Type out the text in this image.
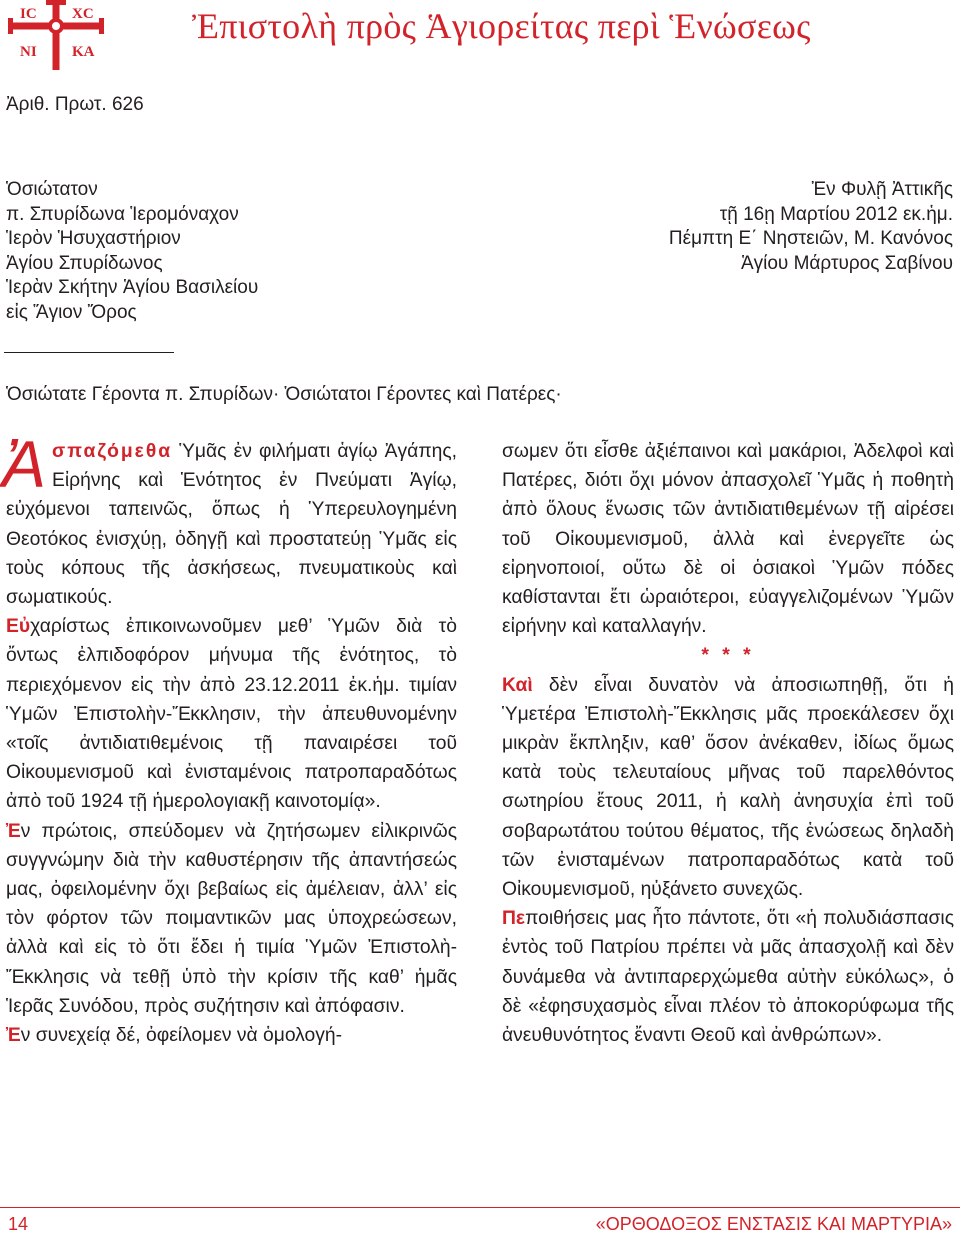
IC XC
NI KA
Ἐπιστολὴ πρὸς Ἁγιορείτας περὶ Ἑνώσεως
Ἀριθ. Πρωτ. 626
Ὁσιώτατον
π. Σπυρίδωνα Ἱερομόναχον
Ἱερὸν Ἡσυχαστήριον
Ἁγίου Σπυρίδωνος
Ἱερὰν Σκήτην Ἁγίου Βασιλείου
εἰς Ἅγιον Ὄρος
Ἐν Φυλῇ Ἀττικῆς
τῇ 16ῃ Μαρτίου 2012 εκ.ἡμ.
Πέμπτη Ε΄ Νηστειῶν, Μ. Κανόνος
Ἁγίου Μάρτυρος Σαβίνου
Ὁσιώτατε Γέροντα π. Σπυρίδων· Ὁσιώτατοι Γέροντες καὶ Πατέρες·

Ἀσπαζόμεθα Ὑμᾶς ἐν φιλήματι ἁγίῳ Ἀγάπης, Εἰρήνης καὶ Ἑνότητος ἐν Πνεύματι Ἁγίῳ, εὐχόμενοι ταπεινῶς, ὅπως ἡ Ὑπερευλογημένη Θεοτόκος ἐνισχύῃ, ὁδηγῇ καὶ προστατεύῃ Ὑμᾶς εἰς τοὺς κόπους τῆς ἀσκήσεως, πνευματικοὺς καὶ σωματικούς.

Εὐχαρίστως ἐπικοινωνοῦμεν μεθ’ Ὑμῶν διὰ τὸ ὄντως ἐλπιδοφόρον μήνυμα τῆς ἑνότητος, τὸ περιεχόμενον εἰς τὴν ἀπὸ 23.12.2011 ἐκ.ἡμ. τιμίαν Ὑμῶν Ἐπιστολὴν-Ἔκκλησιν, τὴν ἀπευθυνομένην «τοῖς ἀντιδιατιθεμένοις τῇ παναιρέσει τοῦ Οἰκουμενισμοῦ καὶ ἐνισταμένοις πατροπαραδότως ἀπὸ τοῦ 1924 τῇ ἡμερολογιακῇ καινοτομίᾳ».

Ἐν πρώτοις, σπεύδομεν νὰ ζητήσωμεν εἰλικρινῶς συγγνώμην διὰ τὴν καθυστέρησιν τῆς ἀπαντήσεώς μας, ὀφειλομένην ὄχι βεβαίως εἰς ἀμέλειαν, ἀλλ’ εἰς τὸν φόρτον τῶν ποιμαντικῶν μας ὑποχρεώσεων, ἀλλὰ καὶ εἰς τὸ ὅτι ἔδει ἡ τιμία Ὑμῶν Ἐπιστολὴ-Ἔκκλησις νὰ τεθῇ ὑπὸ τὴν κρίσιν τῆς καθ’ ἡμᾶς Ἱερᾶς Συνόδου, πρὸς συζήτησιν καὶ ἀπόφασιν.

Ἐν συνεχείᾳ δέ, ὀφείλομεν νὰ ὁμολογή-

σωμεν ὅτι εἶσθε ἀξιέπαινοι καὶ μακάριοι, Ἀδελφοὶ καὶ Πατέρες, διότι ὄχι μόνον ἀπασχολεῖ Ὑμᾶς ἡ ποθητὴ ἀπὸ ὅλους ἕνωσις τῶν ἀντιδιατιθεμένων τῇ αἱρέσει τοῦ Οἰκουμενισμοῦ, ἀλλὰ καὶ ἐνεργεῖτε ὡς εἰρηνοποιοί, οὕτω δὲ οἱ ὁσιακοὶ Ὑμῶν πόδες καθίστανται ἔτι ὡραιότεροι, εὐαγγελιζομένων Ὑμῶν εἰρήνην καὶ καταλλαγήν.

* * *

Καὶ δὲν εἶναι δυνατὸν νὰ ἀποσιωπηθῇ, ὅτι ἡ Ὑμετέρα Ἐπιστολὴ-Ἔκκλησις μᾶς προεκάλεσεν ὄχι μικρὰν ἔκπληξιν, καθ’ ὅσον ἀνέκαθεν, ἰδίως ὅμως κατὰ τοὺς τελευταίους μῆνας τοῦ παρελθόντος σωτηρίου ἔτους 2011, ἡ καλὴ ἀνησυχία ἐπὶ τοῦ σοβαρωτάτου τούτου θέματος, τῆς ἑνώσεως δηλαδὴ τῶν ἐνισταμένων πατροπαραδότως κατὰ τοῦ Οἰκουμενισμοῦ, ηὐξάνετο συνεχῶς.

Πεποιθήσεις μας ἦτο πάντοτε, ὅτι «ἡ πολυδιάσπασις ἐντὸς τοῦ Πατρίου πρέπει νὰ μᾶς ἀπασχολῇ καὶ δὲν δυνάμεθα νὰ ἀντιπαρερχώμεθα αὐτὴν εὐκόλως», ὁ δὲ «ἐφησυχασμὸς εἶναι πλέον τὸ ἀποκορύφωμα τῆς ἀνευθυνότητος ἔναντι Θεοῦ καὶ ἀνθρώπων».

14	«ΟΡΘΟΔΟΞΟΣ ΕΝΣΤΑΣΙΣ ΚΑΙ ΜΑΡΤΥΡΙΑ»
